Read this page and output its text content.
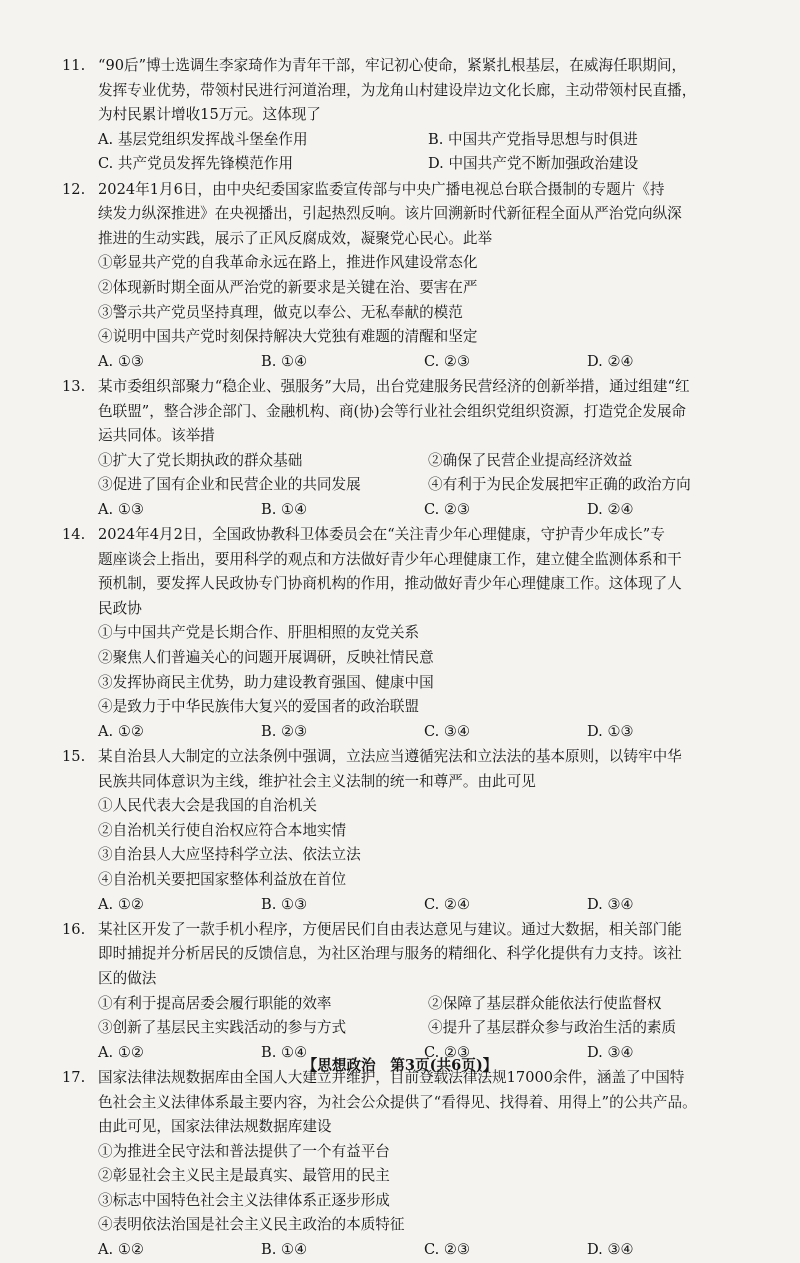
11. “90后”博士选调生李家琦作为青年干部，牢记初心使命，紧紧扎根基层，在威海任职期间，
发挥专业优势，带领村民进行河道治理，为龙角山村建设岸边文化长廊，主动带领村民直播，
为村民累计增收15万元。这体现了
A. 基层党组织发挥战斗堡垒作用	B. 中国共产党指导思想与时俱进
C. 共产党员发挥先锋模范作用	D. 中国共产党不断加强政治建设
12. 2024年1月6日，由中央纪委国家监委宣传部与中央广播电视总台联合摄制的专题片《持
续发力纵深推进》在央视播出，引起热烈反响。该片回溯新时代新征程全面从严治党向纵深
推进的生动实践，展示了正风反腐成效，凝聚党心民心。此举
①彰显共产党的自我革命永远在路上，推进作风建设常态化
②体现新时期全面从严治党的新要求是关键在治、要害在严
③警示共产党员坚持真理，做克以奉公、无私奉献的模范
④说明中国共产党时刻保持解决大党独有难题的清醒和坚定
A. ①③	B. ①④	C. ②③	D. ②④
13. 某市委组织部聚力“稳企业、强服务”大局，出台党建服务民营经济的创新举措，通过组建“红
色联盟”，整合涉企部门、金融机构、商(协)会等行业社会组织党组织资源，打造党企发展命
运共同体。该举措
①扩大了党长期执政的群众基础	②确保了民营企业提高经济效益
③促进了国有企业和民营企业的共同发展	④有利于为民企发展把牢正确的政治方向
A. ①③	B. ①④	C. ②③	D. ②④
14. 2024年4月2日，全国政协教科卫体委员会在“关注青少年心理健康，守护青少年成长”专
题座谈会上指出，要用科学的观点和方法做好青少年心理健康工作，建立健全监测体系和干
预机制，要发挥人民政协专门协商机构的作用，推动做好青少年心理健康工作。这体现了人
民政协
①与中国共产党是长期合作、肝胆相照的友党关系
②聚焦人们普遍关心的问题开展调研，反映社情民意
③发挥协商民主优势，助力建设教育强国、健康中国
④是致力于中华民族伟大复兴的爱国者的政治联盟
A. ①②	B. ②③	C. ③④	D. ①③
15. 某自治县人大制定的立法条例中强调，立法应当遵循宪法和立法法的基本原则，以铸牢中华
民族共同体意识为主线，维护社会主义法制的统一和尊严。由此可见
①人民代表大会是我国的自治机关
②自治机关行使自治权应符合本地实情
③自治县人大应坚持科学立法、依法立法
④自治机关要把国家整体利益放在首位
A. ①②	B. ①③	C. ②④	D. ③④
16. 某社区开发了一款手机小程序，方便居民们自由表达意见与建议。通过大数据，相关部门能
即时捕捉并分析居民的反馈信息，为社区治理与服务的精细化、科学化提供有力支持。该社
区的做法
①有利于提高居委会履行职能的效率	②保障了基层群众能依法行使监督权
③创新了基层民主实践活动的参与方式	④提升了基层群众参与政治生活的素质
A. ①②	B. ①④	C. ②③	D. ③④
17. 国家法律法规数据库由全国人大建立并维护，目前登载法律法规17000余件，涵盖了中国特
色社会主义法律体系最主要内容，为社会公众提供了“看得见、找得着、用得上”的公共产品。
由此可见，国家法律法规数据库建设
①为推进全民守法和普法提供了一个有益平台
②彰显社会主义民主是最真实、最管用的民主
③标志中国特色社会主义法律体系正逐步形成
④表明依法治国是社会主义民主政治的本质特征
A. ①②	B. ①④	C. ②③	D. ③④
【思想政治　第3页(共6页)】
